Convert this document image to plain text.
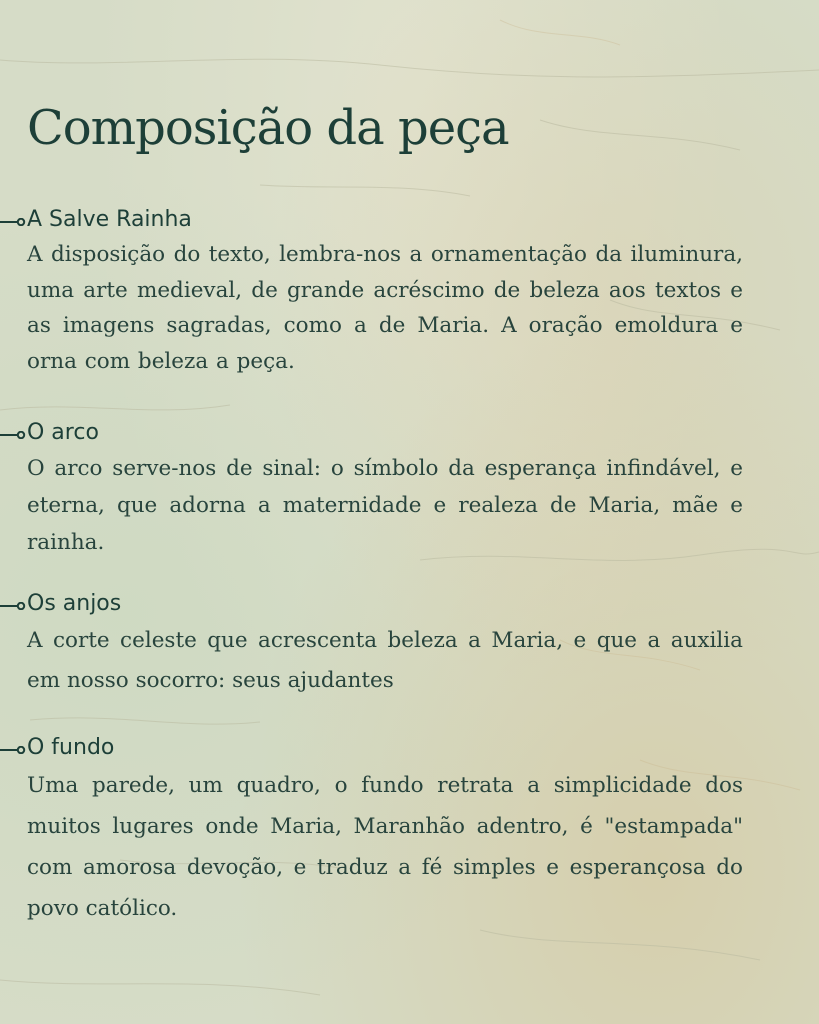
Composição da peça
A Salve Rainha

A disposição do texto, lembra-nos a ornamentação da iluminura, uma arte medieval, de grande acréscimo de beleza aos textos e as imagens sagradas, como a de Maria. A oração emoldura e orna com beleza a peça.

O arco

O arco serve-nos de sinal: o símbolo da esperança infindável, e eterna, que adorna a maternidade e realeza de Maria, mãe e rainha.

Os anjos

A corte celeste que acrescenta beleza a Maria, e que a auxilia em nosso socorro: seus ajudantes

O fundo

Uma parede, um quadro, o fundo retrata a simplicidade dos muitos lugares onde Maria, Maranhão adentro, é "estampada" com amorosa devoção, e traduz a fé simples e esperançosa do povo católico.
